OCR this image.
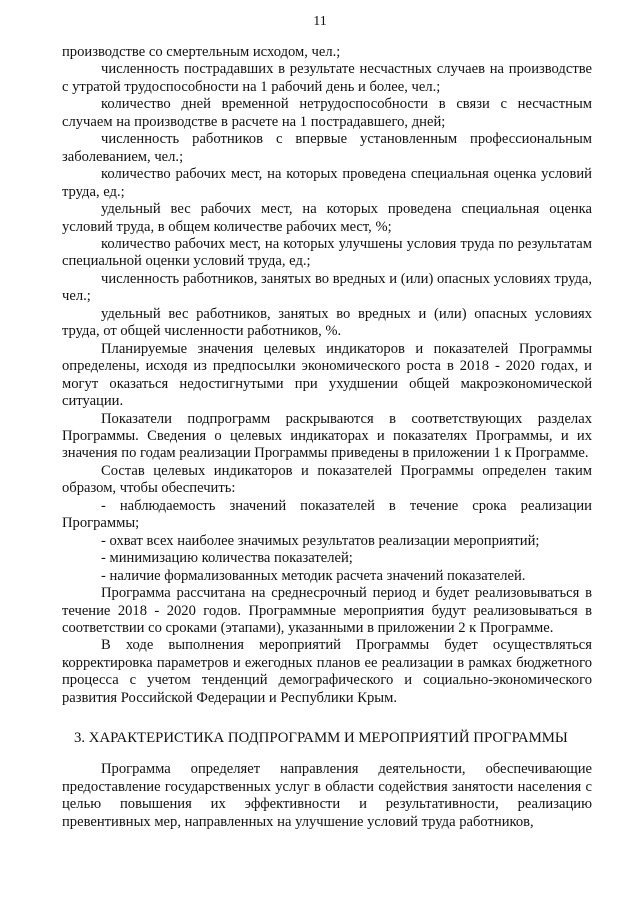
11

производстве со смертельным исходом, чел.;

численность пострадавших в результате несчастных случаев на производстве с утратой трудоспособности на 1 рабочий день и более, чел.;

количество дней временной нетрудоспособности в связи с несчастным случаем на производстве в расчете на 1 пострадавшего, дней;

численность работников с впервые установленным профессиональным заболеванием, чел.;

количество рабочих мест, на которых проведена специальная оценка условий труда, ед.;

удельный вес рабочих мест, на которых проведена специальная оценка условий труда, в общем количестве рабочих мест, %;

количество рабочих мест, на которых улучшены условия труда по результатам специальной оценки условий труда, ед.;

численность работников, занятых во вредных и (или) опасных условиях труда, чел.;

удельный вес работников, занятых во вредных и (или) опасных условиях труда, от общей численности работников, %.

Планируемые значения целевых индикаторов и показателей Программы определены, исходя из предпосылки экономического роста в 2018 - 2020 годах, и могут оказаться недостигнутыми при ухудшении общей макроэкономической ситуации.

Показатели подпрограмм раскрываются в соответствующих разделах Программы. Сведения о целевых индикаторах и показателях Программы, и их значения по годам реализации Программы приведены в приложении 1 к Программе.

Состав целевых индикаторов и показателей Программы определен таким образом, чтобы обеспечить:

- наблюдаемость значений показателей в течение срока реализации Программы;

- охват всех наиболее значимых результатов реализации мероприятий;

- минимизацию количества показателей;

- наличие формализованных методик расчета значений показателей.

Программа рассчитана на среднесрочный период и будет реализовываться в течение 2018 - 2020 годов. Программные мероприятия будут реализовываться в соответствии со сроками (этапами), указанными в приложении 2 к Программе.

В ходе выполнения мероприятий Программы будет осуществляться корректировка параметров и ежегодных планов ее реализации в рамках бюджетного процесса с учетом тенденций демографического и социально-экономического развития Российской Федерации и Республики Крым.

3. ХАРАКТЕРИСТИКА ПОДПРОГРАММ И МЕРОПРИЯТИЙ ПРОГРАММЫ

Программа определяет направления деятельности, обеспечивающие предоставление государственных услуг в области содействия занятости населения с целью повышения их эффективности и результативности, реализацию превентивных мер, направленных на улучшение условий труда работников,
